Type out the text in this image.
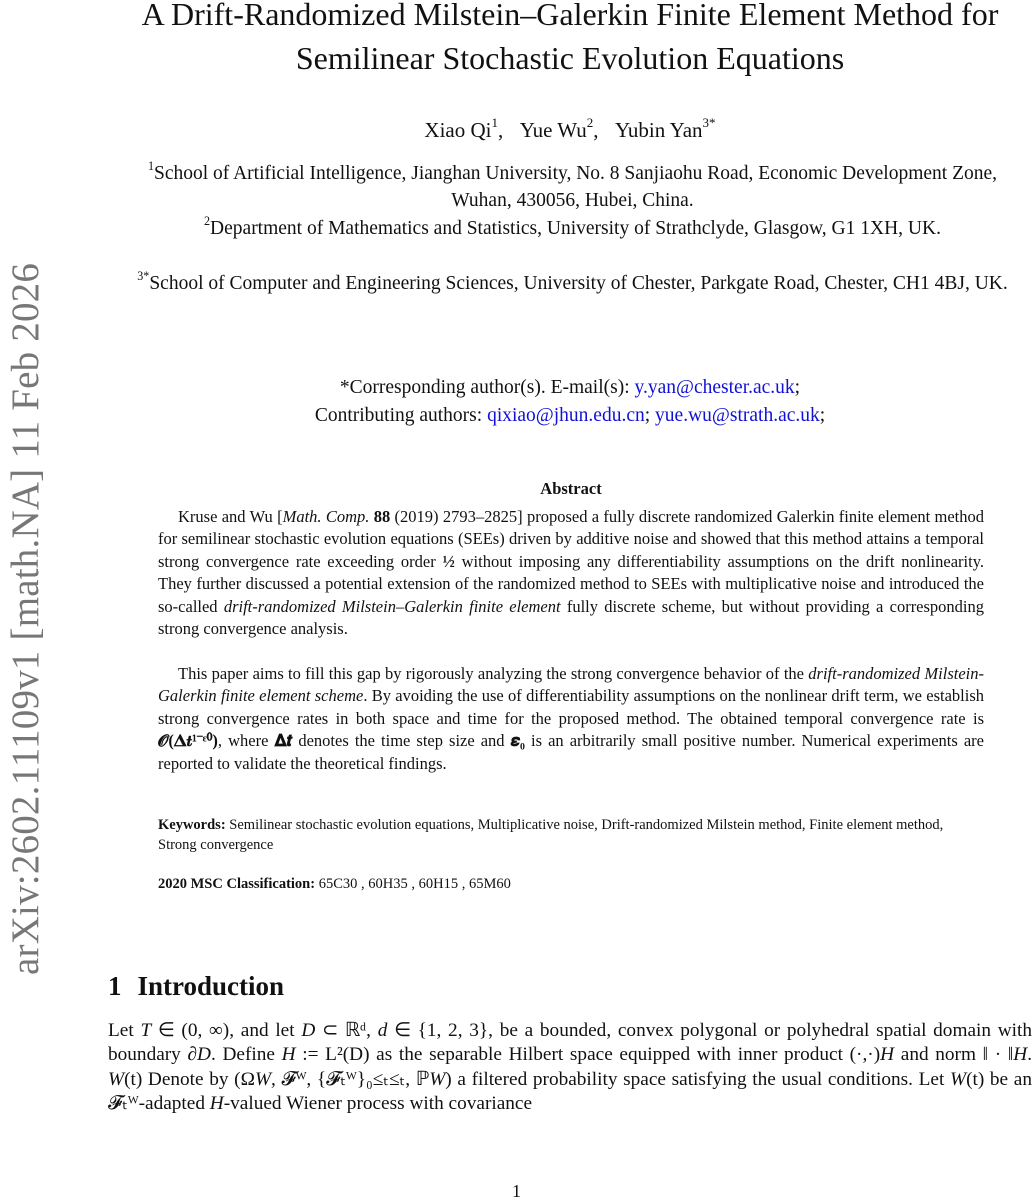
arXiv:2602.11109v1 [math.NA] 11 Feb 2026
A Drift-Randomized Milstein–Galerkin Finite Element Method for Semilinear Stochastic Evolution Equations
Xiao Qi$^1$, Yue Wu$^2$, Yubin Yan$^{3*}$
$^1$School of Artificial Intelligence, Jianghan University, No. 8 Sanjiaohu Road, Economic Development Zone, Wuhan, 430056, Hubei, China.
$^2$Department of Mathematics and Statistics, University of Strathclyde, Glasgow, G1 1XH, UK.
$^{3*}$School of Computer and Engineering Sciences, University of Chester, Parkgate Road, Chester, CH1 4BJ, UK.
*Corresponding author(s). E-mail(s): y.yan@chester.ac.uk;
Contributing authors: qixiao@jhun.edu.cn; yue.wu@strath.ac.uk;
Abstract

Kruse and Wu [Math. Comp. 88 (2019) 2793–2825] proposed a fully discrete randomized Galerkin finite element method for semilinear stochastic evolution equations (SEEs) driven by additive noise and showed that this method attains a temporal strong convergence rate exceeding order ½ without imposing any differentiability assumptions on the drift nonlinearity. They further discussed a potential extension of the randomized method to SEEs with multiplicative noise and introduced the so-called drift-randomized Milstein–Galerkin finite element fully discrete scheme, but without providing a corresponding strong convergence analysis.

This paper aims to fill this gap by rigorously analyzing the strong convergence behavior of the drift-randomized Milstein-Galerkin finite element scheme. By avoiding the use of differentiability assumptions on the nonlinear drift term, we establish strong convergence rates in both space and time for the proposed method. The obtained temporal convergence rate is 𝓞(𝚫𝒕¹⁻ᵋ⁰), where 𝚫𝒕 denotes the time step size and 𝜺₀ is an arbitrarily small positive number. Numerical experiments are reported to validate the theoretical findings.

Keywords: Semilinear stochastic evolution equations, Multiplicative noise, Drift-randomized Milstein method, Finite element method, Strong convergence
2020 MSC Classification: 65C30 , 60H35 , 60H15 , 65M60
1 Introduction

Let T ∈ (0, ∞), and let D ⊂ ℝᵈ, d ∈ {1, 2, 3}, be a bounded, convex polygonal or polyhedral spatial domain with boundary ∂D. Define H := L²(D) as the separable Hilbert space equipped with inner product (·,·)H and norm ‖ · ‖H. W(t) Denote by (ΩW, 𝓕ᵂ, {𝓕ₜᵂ}₀≤ₜ≤ₜ, ℙW) a filtered probability space satisfying the usual conditions. Let W(t) be an 𝓕ₜᵂ-adapted H-valued Wiener process with covariance

1
